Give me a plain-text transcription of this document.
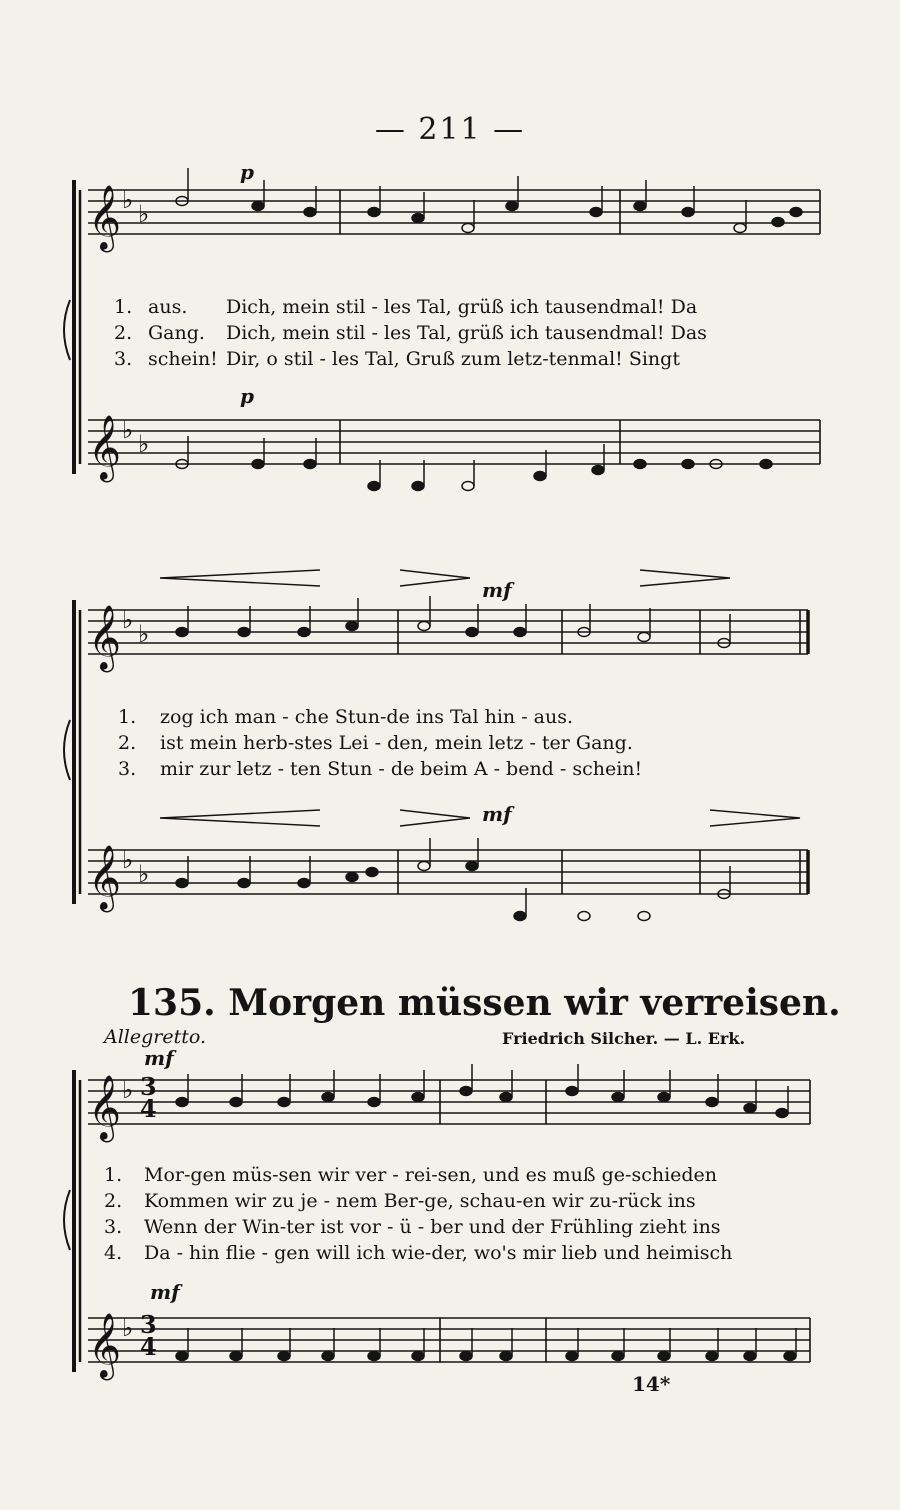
— 211 —
𝄞
𝄞
𝄞
𝄞
𝄞
𝄞
♭ ♭
♭ ♭
♭ ♭
♭ ♭
♭
♭
3
4
3
4
p
p
mf
mf
mf
mf
1. aus. Dich, mein stil - les Tal, grüß ich tausendmal! Da
2. Gang. Dich, mein stil - les Tal, grüß ich tausendmal! Das
3. schein! Dir, o stil - les Tal, Gruß zum letz-tenmal! Singt
1. zog ich man - che Stun-de ins Tal hin - aus.
2. ist mein herb-stes Lei - den, mein letz - ter Gang.
3. mir zur letz - ten Stun - de beim A - bend - schein!
135. Morgen müssen wir verreisen.
Allegretto.	Friedrich Silcher. — L. Erk.
1. Mor-gen müs-sen wir ver - rei-sen, und es muß ge-schieden
2. Kommen wir zu je - nem Ber-ge, schau-en wir zu-rück ins
3. Wenn der Win-ter ist vor - ü - ber und der Frühling zieht ins
4. Da - hin flie - gen will ich wie-der, wo's mir lieb und heimisch
14*
